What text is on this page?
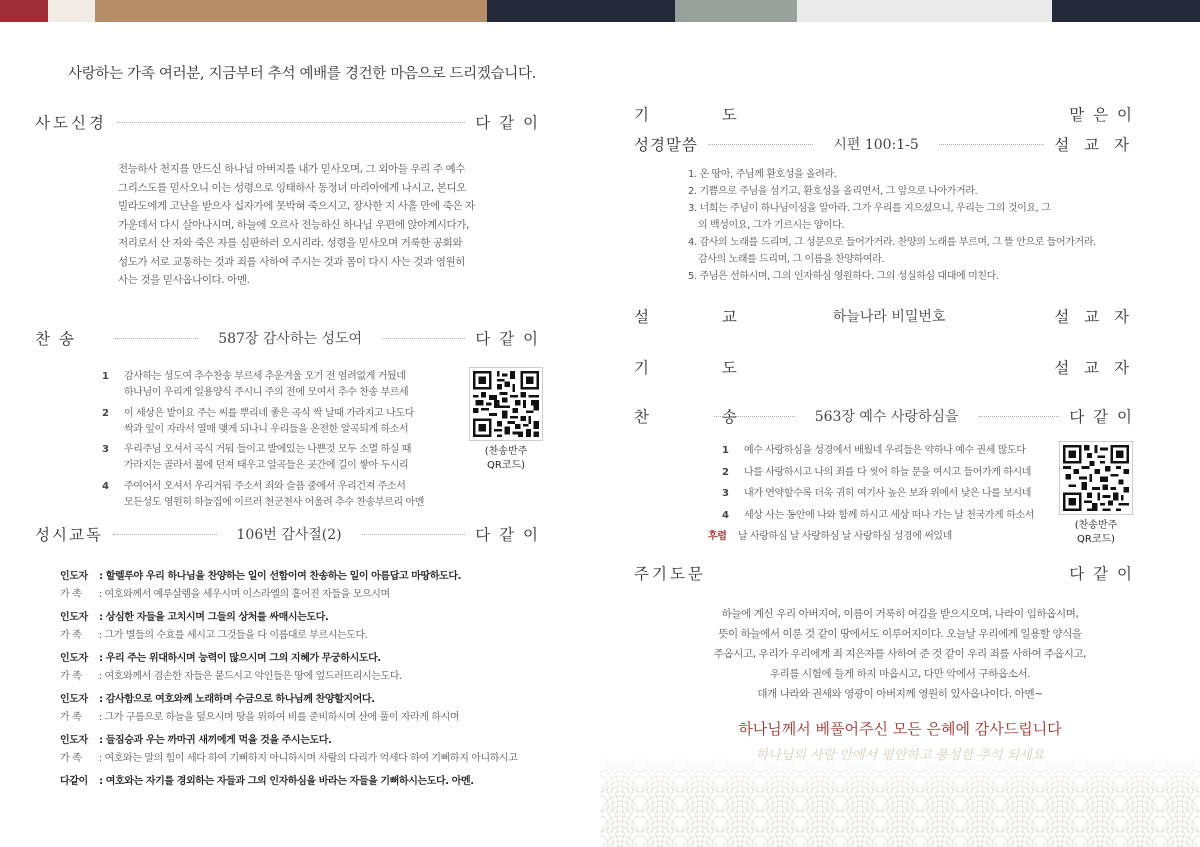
사랑하는 가족 여러분, 지금부터 추석 예배를 경건한 마음으로 드리겠습니다.
사도신경	다 같 이
전능하사 천지를 만드신 하나님 아버지를 내가 믿사오며, 그 외아들 우리 주 예수
그리스도를 믿사오니 이는 성령으로 잉태하사 동정녀 마리아에게 나시고, 본디오
빌라도에게 고난을 받으사 십자가에 못박혀 죽으시고, 장사한 지 사흘 만에 죽은 자
가운데서 다시 살아나시며, 하늘에 오르사 전능하신 하나님 우편에 앉아계시다가,
저리로서 산 자와 죽은 자를 심판하러 오시리라. 성령을 믿사오며 거룩한 공회와
성도가 서로 교통하는 것과 죄를 사하여 주시는 것과 몸이 다시 사는 것과 영원히
사는 것을 믿사옵나이다. 아멘.
찬 송	587장 감사하는 성도여	다 같 이
1	감사하는 성도여 추수찬송 부르세 추운겨울 오기 전 염려없게 거뒀네
하나님이 우리게 일용양식 주시니 주의 전에 모여서 추수 찬송 부르세
2	이 세상은 밭이요 주는 씨를 뿌리네 좋은 곡식 싹 날때 가라지고 나도다
싹과 잎이 자라서 열매 맺게 되나니 우리들을 온전한 알곡되게 하소서
3	우리주님 오셔서 곡식 거둬 들이고 밭에있는 나쁜것 모두 소멸 하실 때
가라지는 골라서 불에 던져 태우고 알곡들은 곳간에 길이 쌓아 두시리
4	주여어서 오셔서 우리거둬 주소서 죄와 슬픔 중에서 우리건져 주소서
모든성도 영원히 하늘집에 이르러 천군천사 어울려 추수 찬송부르리 아멘
(찬송반주
QR코드)
성시교독	106번 감사절(2)	다 같 이
인도자 : 할렐루야 우리 하나님을 찬양하는 일이 선함이여 찬송하는 일이 아름답고 마땅하도다.
가 족 : 여호와께서 예루살렘을 세우시며 이스라엘의 흩어진 자들을 모으시며
인도자 : 상심한 자들을 고치시며 그들의 상처를 싸매시는도다.
가 족 : 그가 별들의 수효를 세시고 그것들을 다 이름대로 부르시는도다.
인도자 : 우리 주는 위대하시며 능력이 많으시며 그의 지혜가 무궁하시도다.
가 족 : 여호와께서 겸손한 자들은 붙드시고 악인들은 땅에 엎드러뜨리시는도다.
인도자 : 감사함으로 여호와께 노래하며 수금으로 하나님께 찬양할지어다.
가 족 : 그가 구름으로 하늘을 덮으시며 땅을 위하여 비를 준비하시며 산에 풀이 자라게 하시며
인도자 : 들짐승과 우는 까마귀 새끼에게 먹을 것을 주시는도다.
가 족 : 여호와는 말의 힘이 세다 하여 기뻐하지 아니하시며 사람의 다리가 억세다 하여 기뻐하지 아니하시고
다같이 : 여호와는 자기를 경외하는 자들과 그의 인자하심을 바라는 자들을 기뻐하시는도다. 아멘.
기 도	맡 은 이
성경말씀	시편 100:1-5	설 교 자
1. 온 땅아, 주님께 환호성을 올려라.
2. 기쁨으로 주님을 섬기고, 환호성을 올리면서, 그 앞으로 나아가거라.
3. 너희는 주님이 하나님이심을 알아라. 그가 우리를 지으셨으니, 우리는 그의 것이요, 그
의 백성이요, 그가 기르시는 양이다.
4. 감사의 노래를 드리며, 그 성문으로 들어가거라. 찬양의 노래를 부르며, 그 뜰 안으로 들어가거라.
감사의 노래를 드리며, 그 이름을 찬양하여라.
5. 주님은 선하시며, 그의 인자하심 영원하다. 그의 성실하심 대대에 미친다.
설 교	하늘나라 비밀번호	설 교 자
기 도	설 교 자
찬 송	563장 예수 사랑하심을	다 같 이
1	예수 사랑하심을 성경에서 배웠네 우리들은 약하나 예수 권세 많도다
2	나를 사랑하시고 나의 죄를 다 씻어 하늘 문을 여시고 들어가게 하시네
3	내가 연약할수록 더욱 귀히 여기사 높은 보좌 위에서 낮은 나를 보시네
4	세상 사는 동안에 나와 함께 하시고 세상 떠나 가는 날 천국가게 하소서
후렴	날 사랑하심 날 사랑하심 날 사랑하심 성경에 써있네
(찬송반주
QR코드)
주기도문	다 같 이
하늘에 계신 우리 아버지여, 이름이 거룩히 여김을 받으시오며, 나라이 임하옵시며,
뜻이 하늘에서 이룬 것 같이 땅에서도 이루어지이다. 오늘날 우리에게 일용할 양식을
주옵시고, 우리가 우리에게 죄 지은자를 사하여 준 것 같이 우리 죄를 사하여 주옵시고,
우리를 시험에 들게 하지 마옵시고, 다만 악에서 구하옵소서.
대개 나라와 권세와 영광이 아버지께 영원히 있사옵나이다. 아멘~
하나님께서 베풀어주신 모든 은혜에 감사드립니다
하나님의 사랑 안에서 평안하고 풍성한 추석 되세요
